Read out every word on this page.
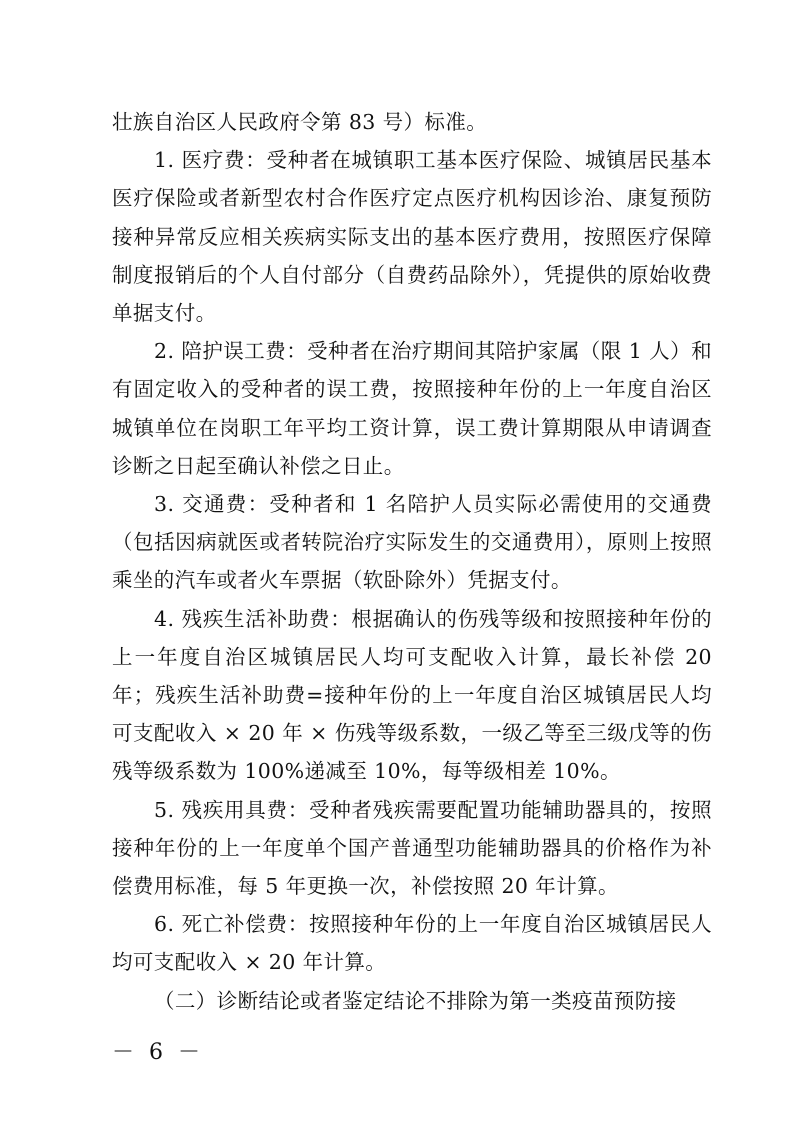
壮族自治区人民政府令第 83 号）标准。

1. 医疗费：受种者在城镇职工基本医疗保险、城镇居民基本医疗保险或者新型农村合作医疗定点医疗机构因诊治、康复预防接种异常反应相关疾病实际支出的基本医疗费用，按照医疗保障制度报销后的个人自付部分（自费药品除外），凭提供的原始收费单据支付。

2. 陪护误工费：受种者在治疗期间其陪护家属（限 1 人）和有固定收入的受种者的误工费，按照接种年份的上一年度自治区城镇单位在岗职工年平均工资计算，误工费计算期限从申请调查诊断之日起至确认补偿之日止。

3. 交通费：受种者和 1 名陪护人员实际必需使用的交通费（包括因病就医或者转院治疗实际发生的交通费用），原则上按照乘坐的汽车或者火车票据（软卧除外）凭据支付。

4. 残疾生活补助费：根据确认的伤残等级和按照接种年份的上一年度自治区城镇居民人均可支配收入计算，最长补偿 20 年；残疾生活补助费=接种年份的上一年度自治区城镇居民人均可支配收入 × 20 年 × 伤残等级系数，一级乙等至三级戊等的伤残等级系数为 100%递减至 10%，每等级相差 10%。

5. 残疾用具费：受种者残疾需要配置功能辅助器具的，按照接种年份的上一年度单个国产普通型功能辅助器具的价格作为补偿费用标准，每 5 年更换一次，补偿按照 20 年计算。

6. 死亡补偿费：按照接种年份的上一年度自治区城镇居民人均可支配收入 × 20 年计算。

（二）诊断结论或者鉴定结论不排除为第一类疫苗预防接

－ 6 －
